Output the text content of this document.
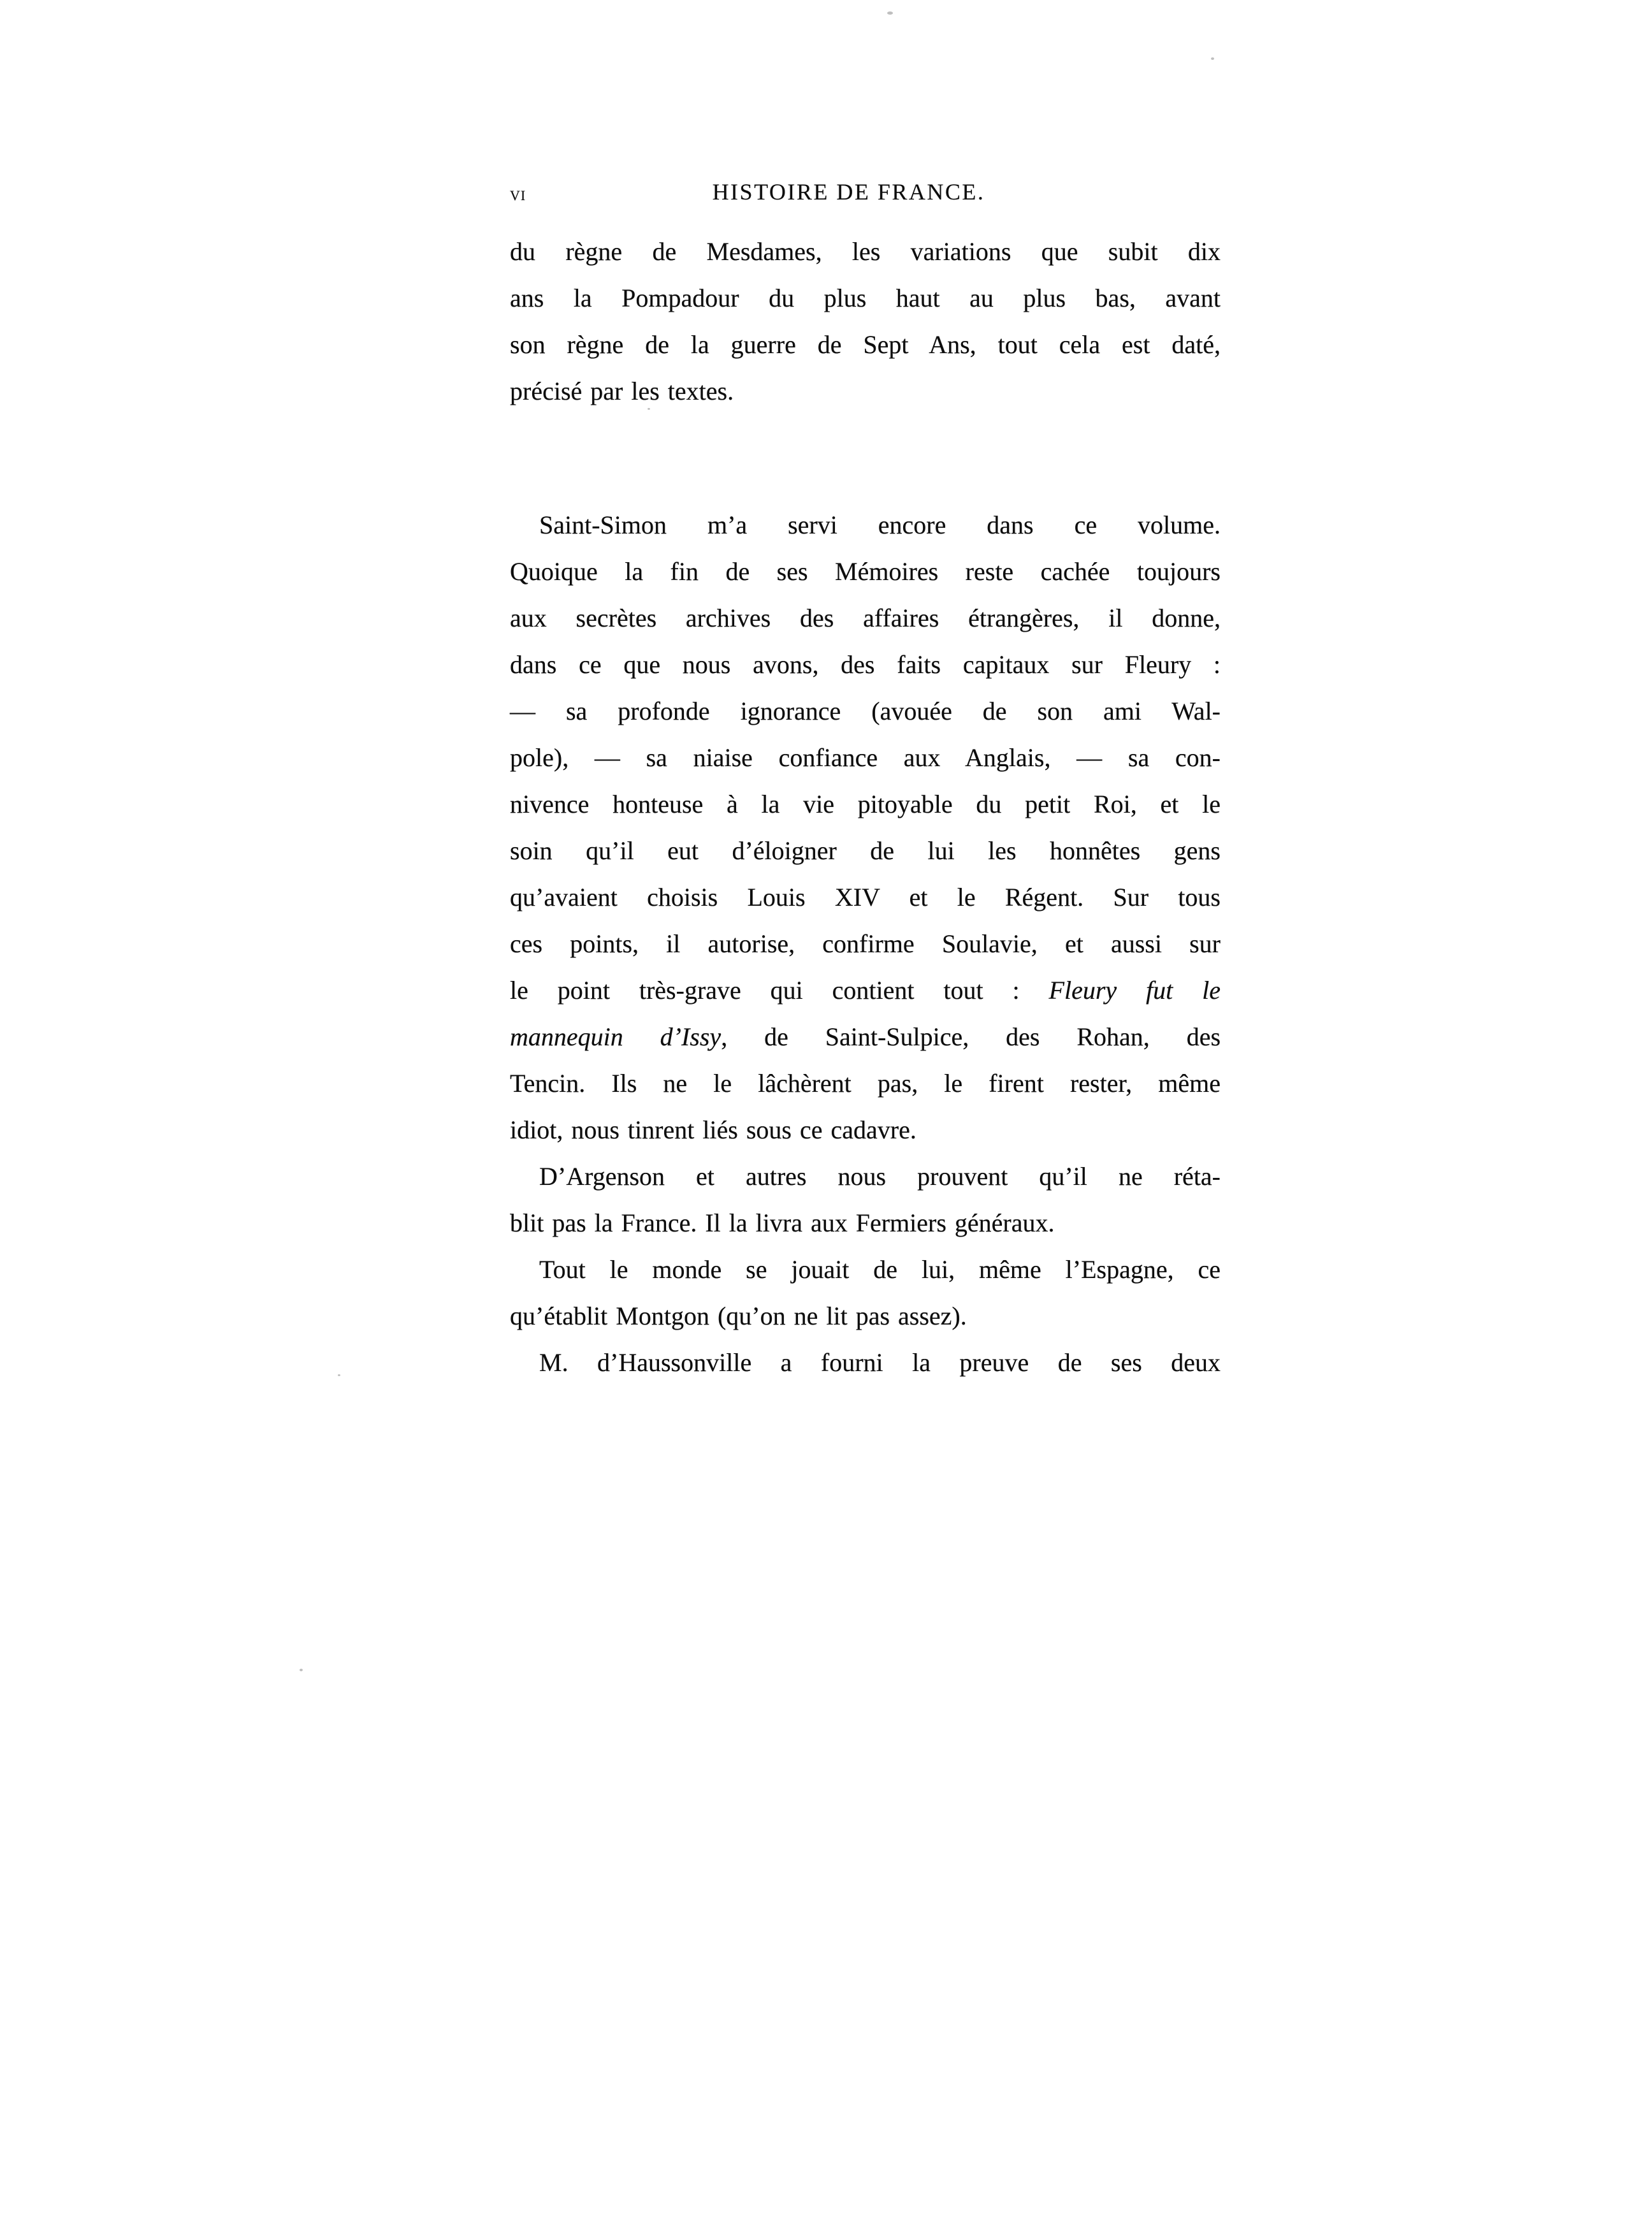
vi	HISTOIRE DE FRANCE.
du règne de Mesdames, les variations que subit dix
ans la Pompadour du plus haut au plus bas, avant
son règne de la guerre de Sept Ans, tout cela est daté,
précisé par les textes.
Saint-Simon m’a servi encore dans ce volume.
Quoique la fin de ses Mémoires reste cachée toujours
aux secrètes archives des affaires étrangères, il donne,
dans ce que nous avons, des faits capitaux sur Fleury :
— sa profonde ignorance (avouée de son ami Wal-
pole), — sa niaise confiance aux Anglais, — sa con-
nivence honteuse à la vie pitoyable du petit Roi, et le
soin qu’il eut d’éloigner de lui les honnêtes gens
qu’avaient choisis Louis XIV et le Régent. Sur tous
ces points, il autorise, confirme Soulavie, et aussi sur
le point très-grave qui contient tout : Fleury fut le
mannequin d’Issy, de Saint-Sulpice, des Rohan, des
Tencin. Ils ne le lâchèrent pas, le firent rester, même
idiot, nous tinrent liés sous ce cadavre.
D’Argenson et autres nous prouvent qu’il ne réta-
blit pas la France. Il la livra aux Fermiers généraux.
Tout le monde se jouait de lui, même l’Espagne, ce
qu’établit Montgon (qu’on ne lit pas assez).
M. d’Haussonville a fourni la preuve de ses deux
